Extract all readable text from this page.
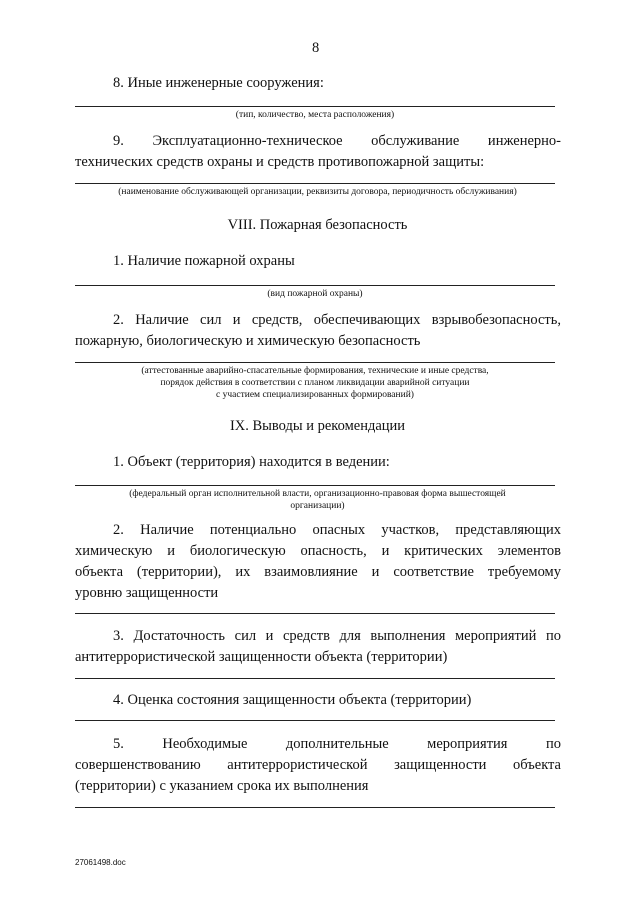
8
8. Иные инженерные сооружения:
(тип, количество, места расположения)
9. Эксплуатационно-техническое обслуживание инженерно-
технических средств охраны и средств противопожарной защиты:
(наименование обслуживающей организации, реквизиты договора, периодичность обслуживания)
VIII. Пожарная безопасность
1. Наличие пожарной охраны
(вид пожарной охраны)
2. Наличие сил и средств, обеспечивающих взрывобезопасность,
пожарную, биологическую и химическую безопасность
(аттестованные аварийно-спасательные формирования, технические и иные средства,
порядок действия в соответствии с планом ликвидации аварийной ситуации
с участием специализированных формирований)
IX. Выводы и рекомендации
1. Объект (территория) находится в ведении:
(федеральный орган исполнительной власти, организационно-правовая форма вышестоящей
организации)
2. Наличие потенциально опасных участков, представляющих
химическую и биологическую опасность, и критических элементов
объекта (территории), их взаимовлияние и соответствие требуемому
уровню защищенности
3. Достаточность сил и средств для выполнения мероприятий по
антитеррористической защищенности объекта (территории)
4. Оценка состояния защищенности объекта (территории)
5. Необходимые дополнительные мероприятия по
совершенствованию антитеррористической защищенности объекта
(территории) с указанием срока их выполнения
27061498.doc
